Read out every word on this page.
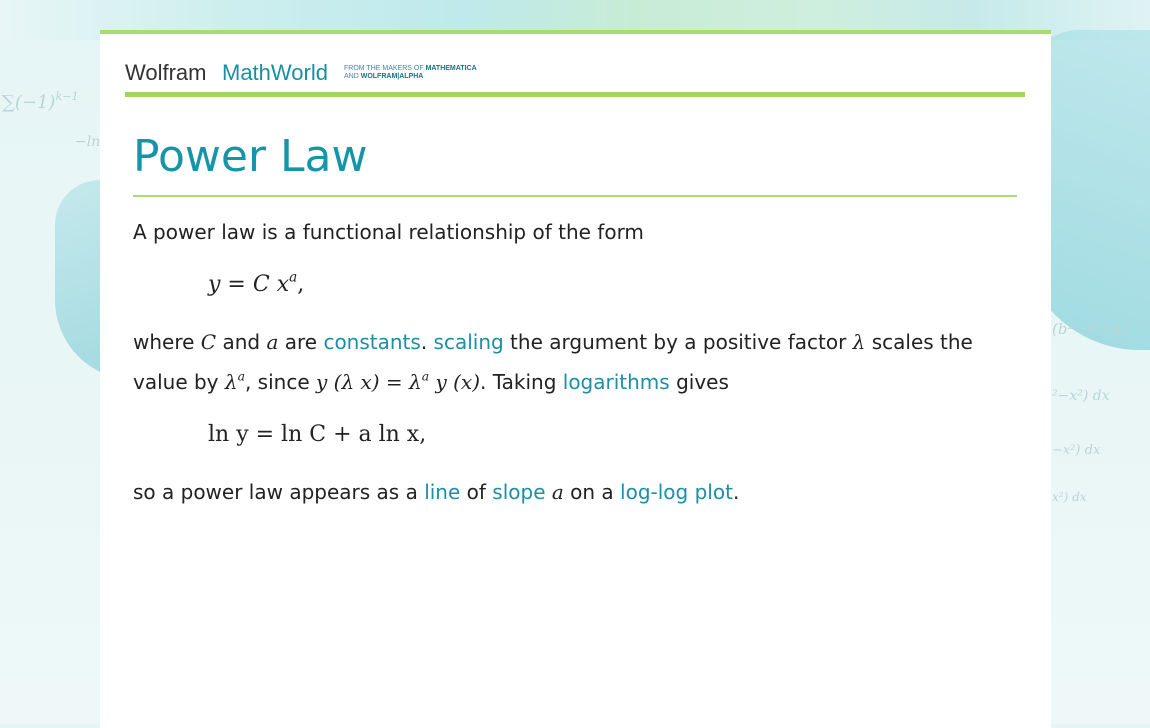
$\sum(-1)^{k-1}$
−ln
(b²−x²) dx
²−x²) dx
−x²) dx
x²) dx
Wolfram MathWorld FROM THE MAKERS OF MATHEMATICA
AND WOLFRAM|ALPHA
Power Law
A power law is a functional relationship of the form
y = C $x^a$,
where C and a are constants. scaling the argument by a positive factor λ scales the
value by $\lambda^a$, since y (λ $x) = \lambda^a$ y (x). Taking logarithms gives
ln y = ln C + a ln x,
so a power law appears as a line of slope a on a log-log plot.
